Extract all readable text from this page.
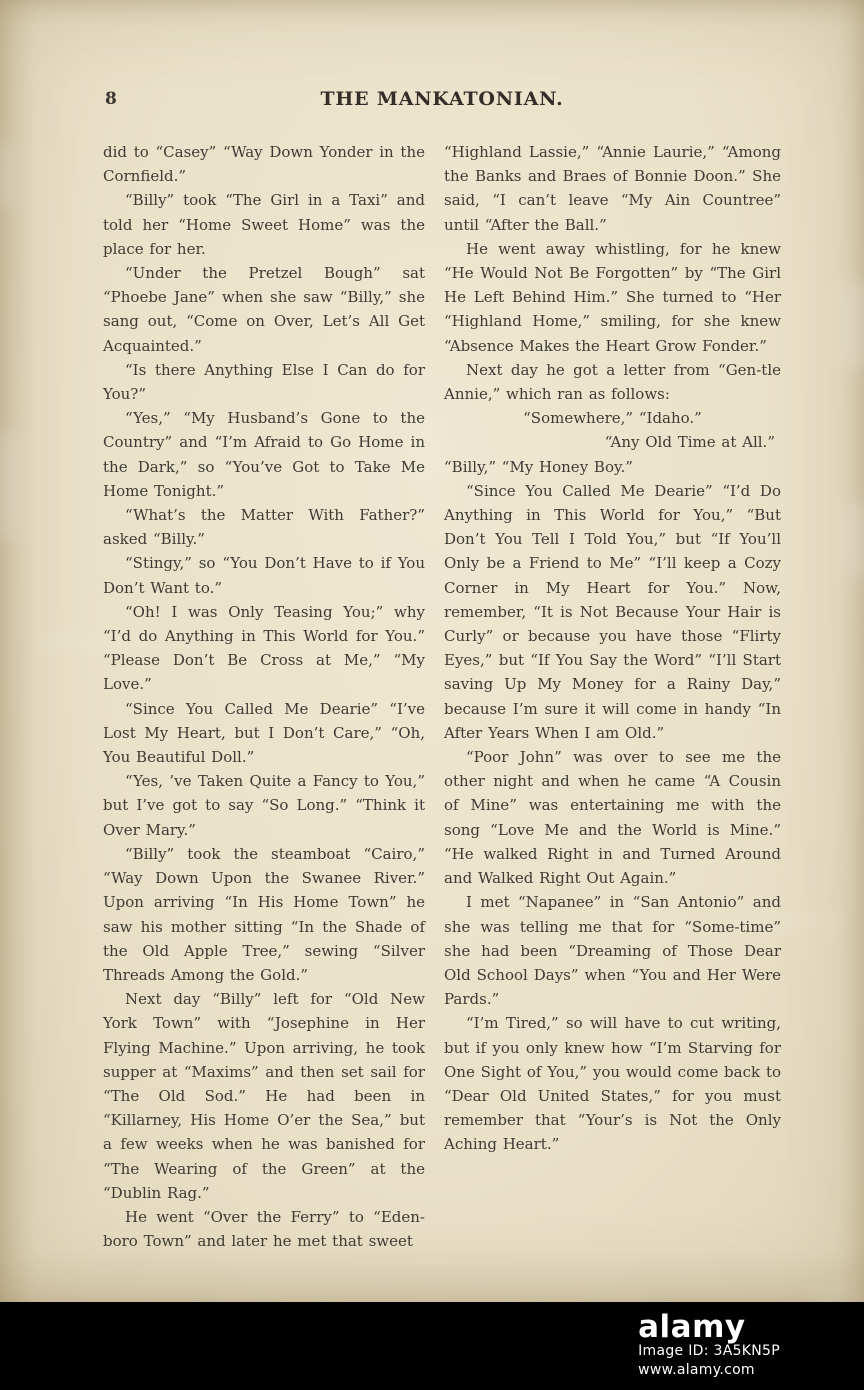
alamy
alamy
8	THE MANKATONIAN.

did to “Casey” “Way Down Yonder in the Cornfield.”

“Billy” took “The Girl in a Taxi” and told her “Home Sweet Home” was the place for her.

“Under the Pretzel Bough” sat “Phoebe Jane” when she saw “Billy,” she sang out, “Come on Over, Let’s All Get Acquainted.”

“Is there Anything Else I Can do for You?”

“Yes,” “My Husband’s Gone to the Country” and “I’m Afraid to Go Home in the Dark,” so “You’ve Got to Take Me Home Tonight.”

“What’s the Matter With Father?” asked “Billy.”

“Stingy,” so “You Don’t Have to if You Don’t Want to.”

“Oh! I was Only Teasing You;” why “I’d do Anything in This World for You.” “Please Don’t Be Cross at Me,” “My Love.”

“Since You Called Me Dearie” “I’ve Lost My Heart, but I Don’t Care,” “Oh, You Beautiful Doll.”

“Yes, ’ve Taken Quite a Fancy to You,” but I’ve got to say “So Long.” “Think it Over Mary.”

“Billy” took the steamboat “Cairo,” “Way Down Upon the Swanee River.” Upon arriving “In His Home Town” he saw his mother sitting “In the Shade of the Old Apple Tree,” sewing “Silver Threads Among the Gold.”

Next day “Billy” left for “Old New York Town” with “Josephine in Her Flying Machine.” Upon arriving, he took supper at “Maxims” and then set sail for “The Old Sod.” He had been in “Killarney, His Home O’er the Sea,” but a few weeks when he was banished for “The Wearing of the Green” at the “Dublin Rag.”

He went “Over the Ferry” to “Eden-boro Town” and later he met that sweet

“Highland Lassie,” “Annie Laurie,” “Among the Banks and Braes of Bonnie Doon.” She said, “I can’t leave “My Ain Countree” until “After the Ball.”

He went away whistling, for he knew “He Would Not Be Forgotten” by “The Girl He Left Behind Him.” She turned to “Her “Highland Home,” smiling, for she knew “Absence Makes the Heart Grow Fonder.”

Next day he got a letter from “Gen-tle Annie,” which ran as follows:

“Somewhere,” “Idaho.”

“Any Old Time at All.”

“Billy,” “My Honey Boy.”

“Since You Called Me Dearie” “I’d Do Anything in This World for You,” “But Don’t You Tell I Told You,” but “If You’ll Only be a Friend to Me” “I’ll keep a Cozy Corner in My Heart for You.” Now, remember, “It is Not Because Your Hair is Curly” or because you have those “Flirty Eyes,” but “If You Say the Word” “I’ll Start saving Up My Money for a Rainy Day,” because I’m sure it will come in handy “In After Years When I am Old.”

“Poor John” was over to see me the other night and when he came “A Cousin of Mine” was entertaining me with the song “Love Me and the World is Mine.” “He walked Right in and Turned Around and Walked Right Out Again.”

I met “Napanee” in “San Antonio” and she was telling me that for “Some-time” she had been “Dreaming of Those Dear Old School Days” when “You and Her Were Pards.”

“I’m Tired,” so will have to cut writing, but if you only knew how “I’m Starving for One Sight of You,” you would come back to “Dear Old United States,” for you must remember that “Your’s is Not the Only Aching Heart.”

alamy
Image ID: 3A5KN5P
www.alamy.com
